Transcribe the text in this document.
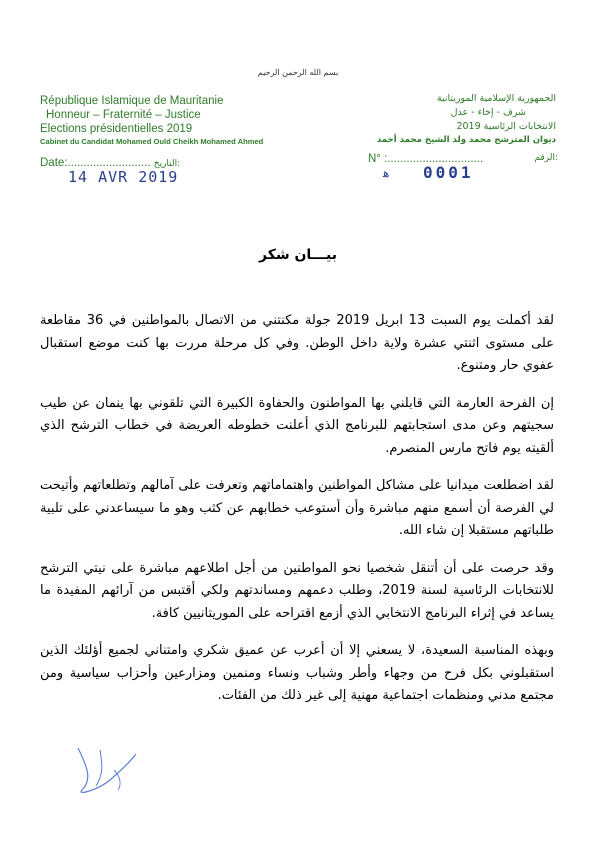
بسم الله الرحمن الرحيم
République Islamique de Mauritanie
Honneur – Fraternité – Justice
Elections présidentielles 2019
Cabinet du Candidat Mohamed Ould Cheikh Mohamed Ahmed
الجمهورية الإسلامية الموريتانية
شرف - إخاء - عدل
الانتخابات الرئاسية 2019
ديوان المترشح محمد ولد الشيخ محمد أحمد
Date:.......................... التاريخ:	N° :..............................	الرقم:
14 AVR 2019	ﻫ 0001
بيـــان شكر

لقد أكملت يوم السبت 13 ابريل 2019 جولة مكنتني من الاتصال بالمواطنين في 36 مقاطعة على مستوى اثنتي عشرة ولاية داخل الوطن. وفي كل مرحلة مررت بها كنت موضع استقبال عفوي حار ومتنوع.

إن الفرحة العارمة التي قابلني بها المواطنون والحفاوة الكبيرة التي تلقوني بها ينمان عن طيب سجيتهم وعن مدى استجابتهم للبرنامج الذي أعلنت خطوطه العريضة في خطاب الترشح الذي ألقيته يوم فاتح مارس المنصرم.

لقد اضطلعت ميدانيا على مشاكل المواطنين واهتماماتهم وتعرفت على آمالهم وتطلعاتهم وأتيحت لي الفرصة أن أسمع منهم مباشرة وأن أستوعب خطابهم عن كثب وهو ما سيساعدني على تلبية طلباتهم مستقبلا إن شاء الله.

وقد حرصت على أن أتنقل شخصيا نحو المواطنين من أجل اطلاعهم مباشرة على نيتي الترشح للانتخابات الرئاسية لسنة 2019، وطلب دعمهم ومساندتهم ولكي أقتبس من آرائهم المفيدة ما يساعد في إثراء البرنامج الانتخابي الذي أزمع اقتراحه على الموريتانيين كافة.

وبهذه المناسبة السعيدة، لا يسعني إلا أن أعرب عن عميق شكري وامتناني لجميع أؤلئك الذين استقبلوني بكل فرح من وجهاء وأطر وشباب ونساء ومنمين ومزارعين وأحزاب سياسية ومن مجتمع مدني ومنظمات اجتماعية مهنية إلى غير ذلك من الفئات.
